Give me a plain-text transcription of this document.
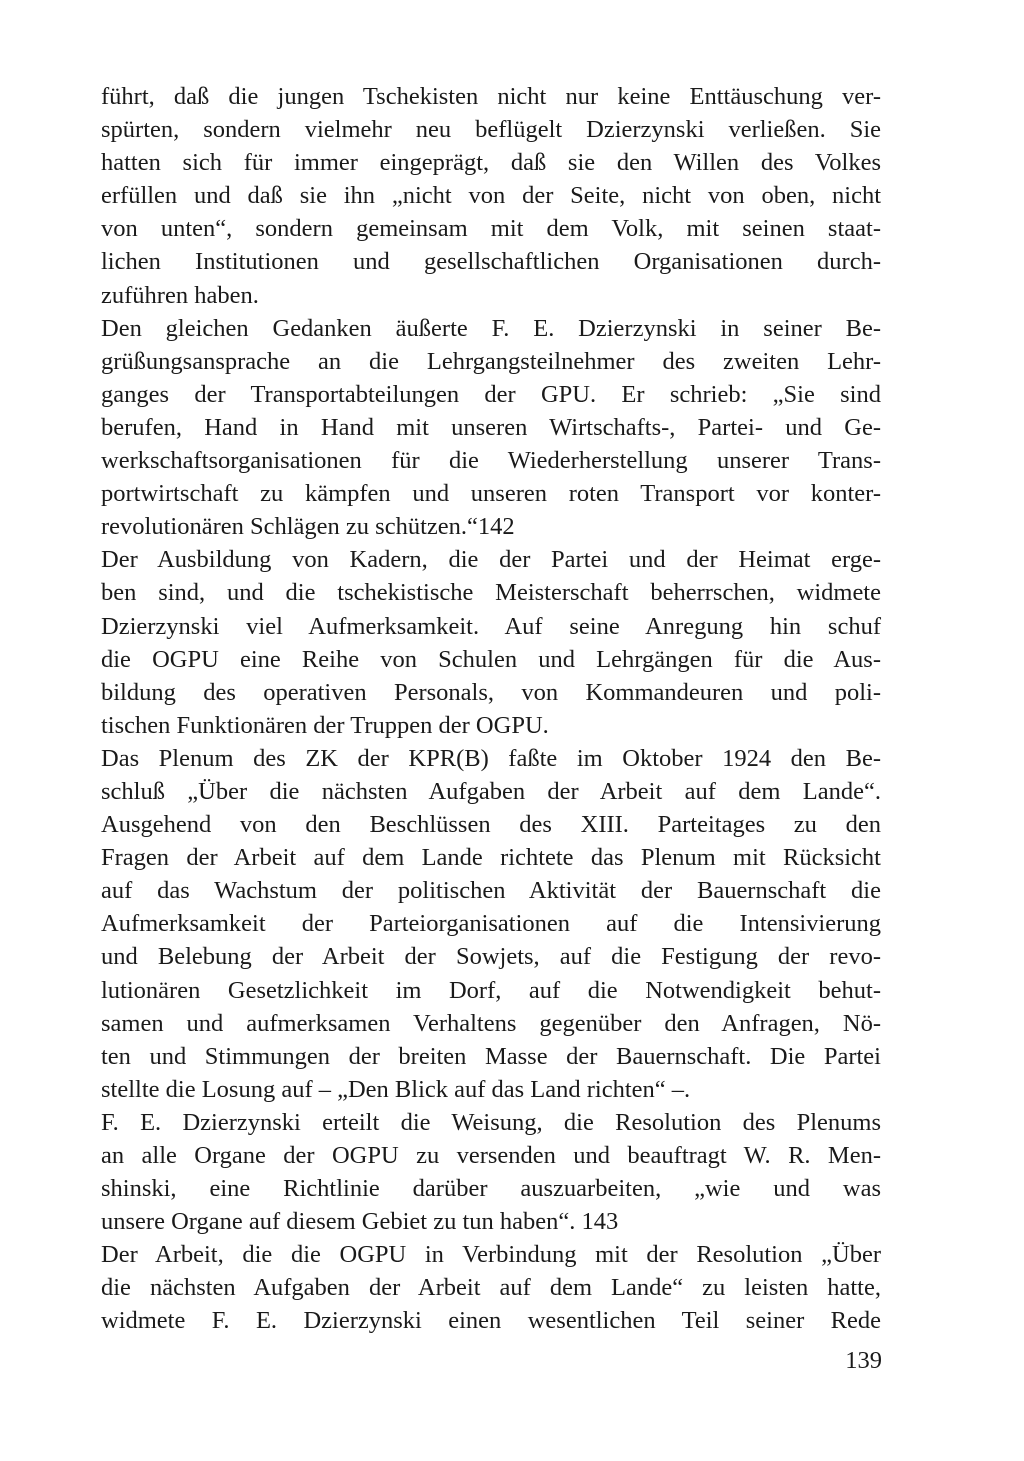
führt, daß die jungen Tschekisten nicht nur keine Enttäuschung ver-
spürten, sondern vielmehr neu beflügelt Dzierzynski verließen. Sie
hatten sich für immer eingeprägt, daß sie den Willen des Volkes
erfüllen und daß sie ihn „nicht von der Seite, nicht von oben, nicht
von unten“, sondern gemeinsam mit dem Volk, mit seinen staat-
lichen Institutionen und gesellschaftlichen Organisationen durch-
zuführen haben.
Den gleichen Gedanken äußerte F. E. Dzierzynski in seiner Be-
grüßungsansprache an die Lehrgangsteilnehmer des zweiten Lehr-
ganges der Transportabteilungen der GPU. Er schrieb: „Sie sind
berufen, Hand in Hand mit unseren Wirtschafts-, Partei- und Ge-
werkschaftsorganisationen für die Wiederherstellung unserer Trans-
portwirtschaft zu kämpfen und unseren roten Transport vor konter-
revolutionären Schlägen zu schützen.“142
Der Ausbildung von Kadern, die der Partei und der Heimat erge-
ben sind, und die tschekistische Meisterschaft beherrschen, widmete
Dzierzynski viel Aufmerksamkeit. Auf seine Anregung hin schuf
die OGPU eine Reihe von Schulen und Lehrgängen für die Aus-
bildung des operativen Personals, von Kommandeuren und poli-
tischen Funktionären der Truppen der OGPU.
Das Plenum des ZK der KPR(B) faßte im Oktober 1924 den Be-
schluß „Über die nächsten Aufgaben der Arbeit auf dem Lande“.
Ausgehend von den Beschlüssen des XIII. Parteitages zu den
Fragen der Arbeit auf dem Lande richtete das Plenum mit Rücksicht
auf das Wachstum der politischen Aktivität der Bauernschaft die
Aufmerksamkeit der Parteiorganisationen auf die Intensivierung
und Belebung der Arbeit der Sowjets, auf die Festigung der revo-
lutionären Gesetzlichkeit im Dorf, auf die Notwendigkeit behut-
samen und aufmerksamen Verhaltens gegenüber den Anfragen, Nö-
ten und Stimmungen der breiten Masse der Bauernschaft. Die Partei
stellte die Losung auf – „Den Blick auf das Land richten“ –.
F. E. Dzierzynski erteilt die Weisung, die Resolution des Plenums
an alle Organe der OGPU zu versenden und beauftragt W. R. Men-
shinski, eine Richtlinie darüber auszuarbeiten, „wie und was
unsere Organe auf diesem Gebiet zu tun haben“. 143
Der Arbeit, die die OGPU in Verbindung mit der Resolution „Über
die nächsten Aufgaben der Arbeit auf dem Lande“ zu leisten hatte,
widmete F. E. Dzierzynski einen wesentlichen Teil seiner Rede
139
